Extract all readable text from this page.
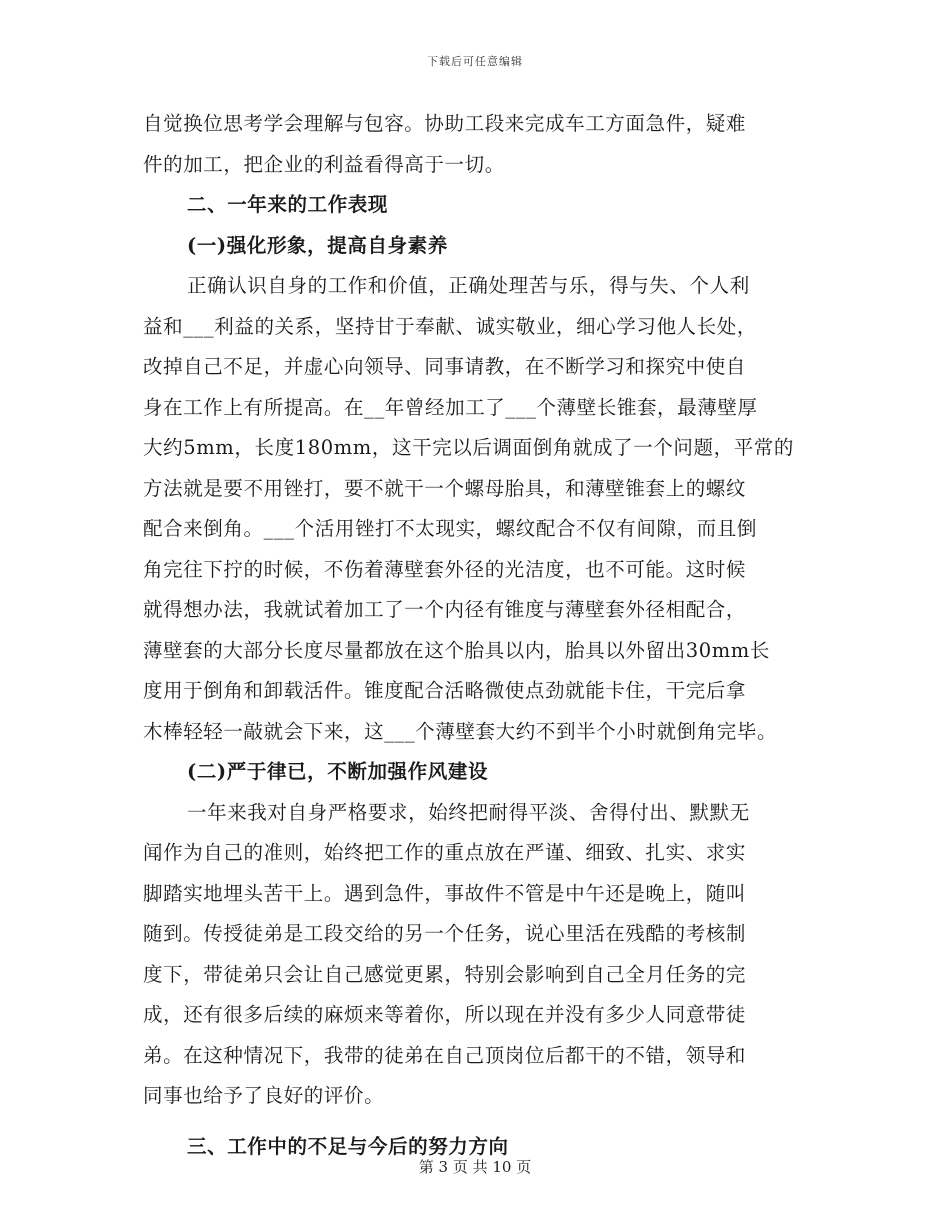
下载后可任意编辑
自觉换位思考学会理解与包容。协助工段来完成车工方面急件，疑难
件的加工，把企业的利益看得高于一切。
二、一年来的工作表现
(一)强化形象，提高自身素养
正确认识自身的工作和价值，正确处理苦与乐，得与失、个人利
益和___利益的关系，坚持甘于奉献、诚实敬业，细心学习他人长处，
改掉自己不足，并虚心向领导、同事请教，在不断学习和探究中使自
身在工作上有所提高。在__年曾经加工了___个薄壁长锥套，最薄壁厚
大约5mm，长度180mm，这干完以后调面倒角就成了一个问题，平常的
方法就是要不用锉打，要不就干一个螺母胎具，和薄壁锥套上的螺纹
配合来倒角。___个活用锉打不太现实，螺纹配合不仅有间隙，而且倒
角完往下拧的时候，不伤着薄壁套外径的光洁度，也不可能。这时候
就得想办法，我就试着加工了一个内径有锥度与薄壁套外径相配合，
薄壁套的大部分长度尽量都放在这个胎具以内，胎具以外留出30mm长
度用于倒角和卸载活件。锥度配合活略微使点劲就能卡住，干完后拿
木棒轻轻一敲就会下来，这___个薄壁套大约不到半个小时就倒角完毕。
(二)严于律已，不断加强作风建设
一年来我对自身严格要求，始终把耐得平淡、舍得付出、默默无
闻作为自己的准则，始终把工作的重点放在严谨、细致、扎实、求实
脚踏实地埋头苦干上。遇到急件，事故件不管是中午还是晚上，随叫
随到。传授徒弟是工段交给的另一个任务，说心里活在残酷的考核制
度下，带徒弟只会让自己感觉更累，特别会影响到自己全月任务的完
成，还有很多后续的麻烦来等着你，所以现在并没有多少人同意带徒
弟。在这种情况下，我带的徒弟在自己顶岗位后都干的不错，领导和
同事也给予了良好的评价。
三、工作中的不足与今后的努力方向
第 3 页 共 10 页
